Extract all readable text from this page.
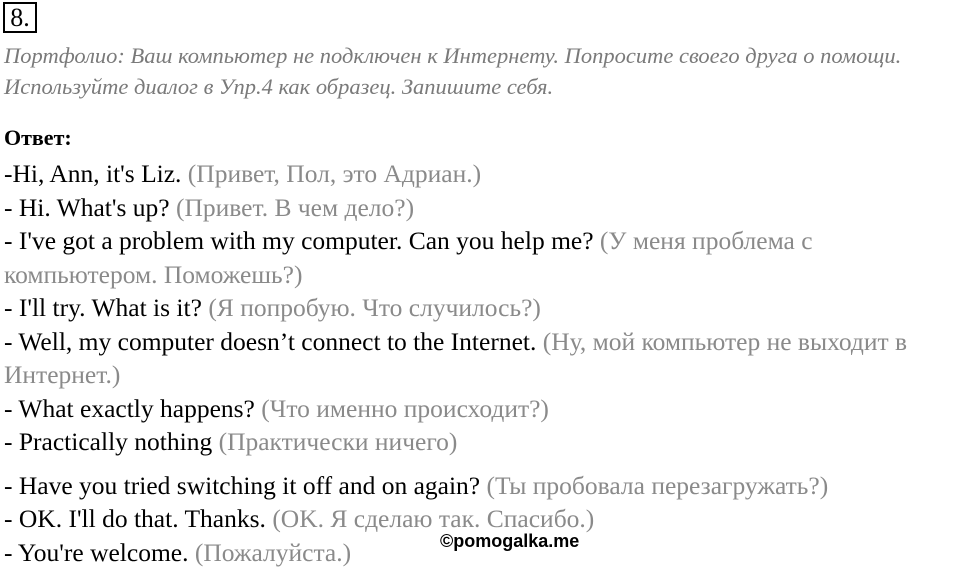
8.

Портфолио: Ваш компьютер не подключен к Интернету. Попросите своего друга о помощи. Используйте диалог в Упр.4 как образец. Запишите себя.

Ответ:

-Hi, Ann, it's Liz. (Привет, Пол, это Адриан.)

- Hi. What's up? (Привет. В чем дело?)

- I've got a problem with my computer. Can you help me? (У меня проблема с компьютером. Поможешь?)

- I'll try. What is it? (Я попробую. Что случилось?)

- Well, my computer doesn’t connect to the Internet. (Ну, мой компьютер не выходит в Интернет.)

- What exactly happens? (Что именно происходит?)

- Practically nothing (Практически ничего)

- Have you tried switching it off and on again? (Ты пробовала перезагружать?)

- OK. I'll do that. Thanks. (OK. Я сделаю так. Спасибо.)

- You're welcome. (Пожалуйста.)	©pomogalka.me
